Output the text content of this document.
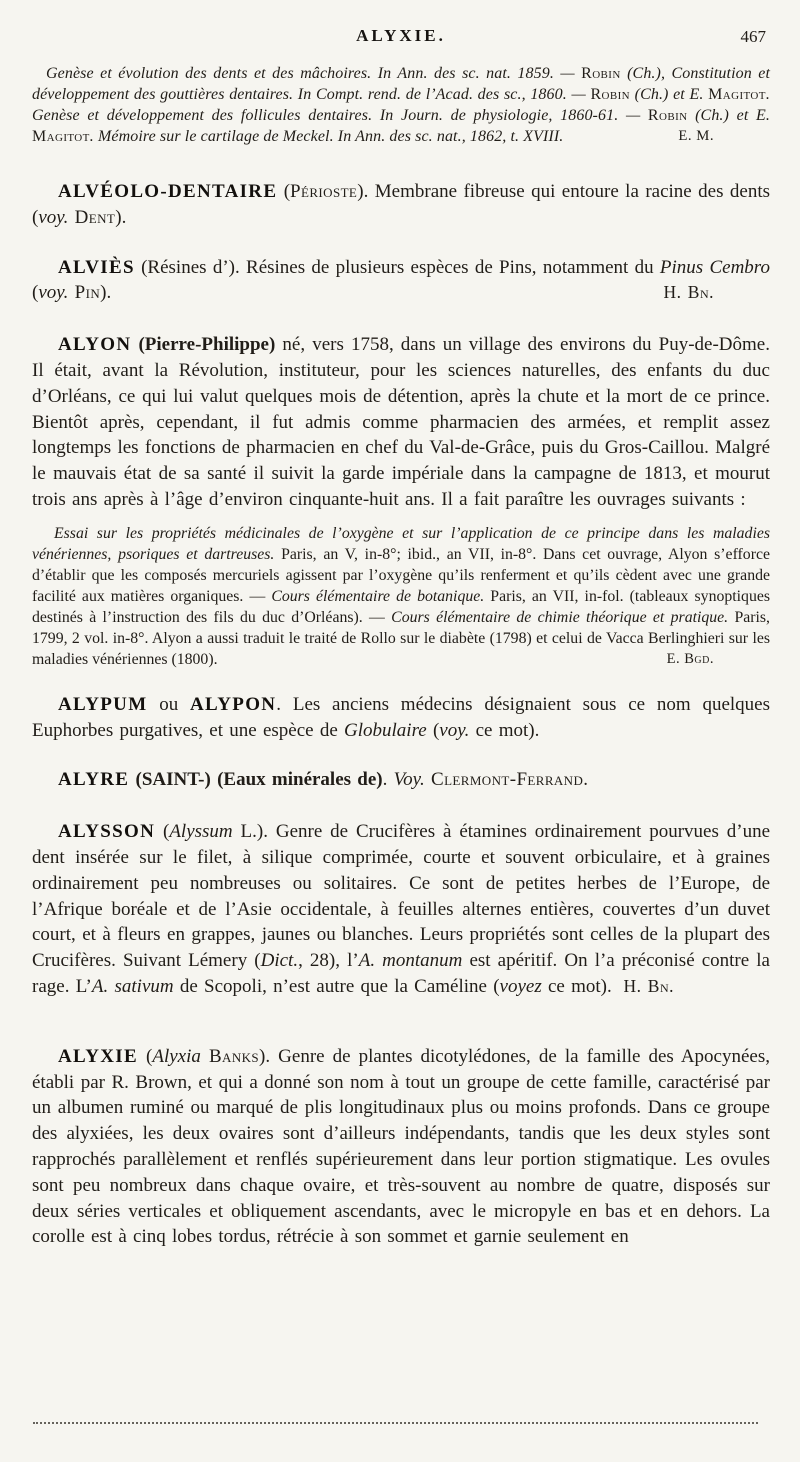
ALYXIE.	467

Genèse et évolution des dents et des mâchoires. In Ann. des sc. nat. 1859. — Robin (Ch.), Constitution et développement des gouttières dentaires. In Compt. rend. de l’Acad. des sc., 1860. — Robin (Ch.) et E. Magitot. Genèse et développement des follicules dentaires. In Journ. de physiologie, 1860-61. — Robin (Ch.) et E. Magitot. Mémoire sur le cartilage de Meckel. In Ann. des sc. nat., 1862, t. XVIII.	E. M.

ALVÉOLO-DENTAIRE (Périoste). Membrane fibreuse qui entoure la racine des dents (voy. Dent).

ALVIÈS (Résines d’). Résines de plusieurs espèces de Pins, notamment du Pinus Cembro (voy. Pin).	H. Bn.

ALYON (Pierre-Philippe) né, vers 1758, dans un village des environs du Puy-de-Dôme. Il était, avant la Révolution, instituteur, pour les sciences naturelles, des enfants du duc d’Orléans, ce qui lui valut quelques mois de détention, après la chute et la mort de ce prince. Bientôt après, cependant, il fut admis comme pharmacien des armées, et remplit assez longtemps les fonctions de pharmacien en chef du Val-de-Grâce, puis du Gros-Caillou. Malgré le mauvais état de sa santé il suivit la garde impériale dans la campagne de 1813, et mourut trois ans après à l’âge d’environ cinquante-huit ans. Il a fait paraître les ouvrages suivants :

Essai sur les propriétés médicinales de l’oxygène et sur l’application de ce principe dans les maladies vénériennes, psoriques et dartreuses. Paris, an V, in-8°; ibid., an VII, in-8°. Dans cet ouvrage, Alyon s’efforce d’établir que les composés mercuriels agissent par l’oxygène qu’ils renferment et qu’ils cèdent avec une grande facilité aux matières organiques. — Cours élémentaire de botanique. Paris, an VII, in-fol. (tableaux synoptiques destinés à l’instruction des fils du duc d’Orléans). — Cours élémentaire de chimie théorique et pratique. Paris, 1799, 2 vol. in-8°. Alyon a aussi traduit le traité de Rollo sur le diabète (1798) et celui de Vacca Berlinghieri sur les maladies vénériennes (1800).	E. Bgd.

ALYPUM ou ALYPON. Les anciens médecins désignaient sous ce nom quelques Euphorbes purgatives, et une espèce de Globulaire (voy. ce mot).

ALYRE (SAINT-) (Eaux minérales de). Voy. Clermont-Ferrand.

ALYSSON (Alyssum L.). Genre de Crucifères à étamines ordinairement pourvues d’une dent insérée sur le filet, à silique comprimée, courte et souvent orbiculaire, et à graines ordinairement peu nombreuses ou solitaires. Ce sont de petites herbes de l’Europe, de l’Afrique boréale et de l’Asie occidentale, à feuilles alternes entières, couvertes d’un duvet court, et à fleurs en grappes, jaunes ou blanches. Leurs propriétés sont celles de la plupart des Crucifères. Suivant Lémery (Dict., 28), l’A. montanum est apéritif. On l’a préconisé contre la rage. L’A. sativum de Scopoli, n’est autre que la Caméline (voyez ce mot). H. Bn.

ALYXIE (Alyxia Banks). Genre de plantes dicotylédones, de la famille des Apocynées, établi par R. Brown, et qui a donné son nom à tout un groupe de cette famille, caractérisé par un albumen ruminé ou marqué de plis longitudinaux plus ou moins profonds. Dans ce groupe des alyxiées, les deux ovaires sont d’ailleurs indépendants, tandis que les deux styles sont rapprochés parallèlement et renflés supérieurement dans leur portion stigmatique. Les ovules sont peu nombreux dans chaque ovaire, et très-souvent au nombre de quatre, disposés sur deux séries verticales et obliquement ascendants, avec le micropyle en bas et en dehors. La corolle est à cinq lobes tordus, rétrécie à son sommet et garnie seulement en
